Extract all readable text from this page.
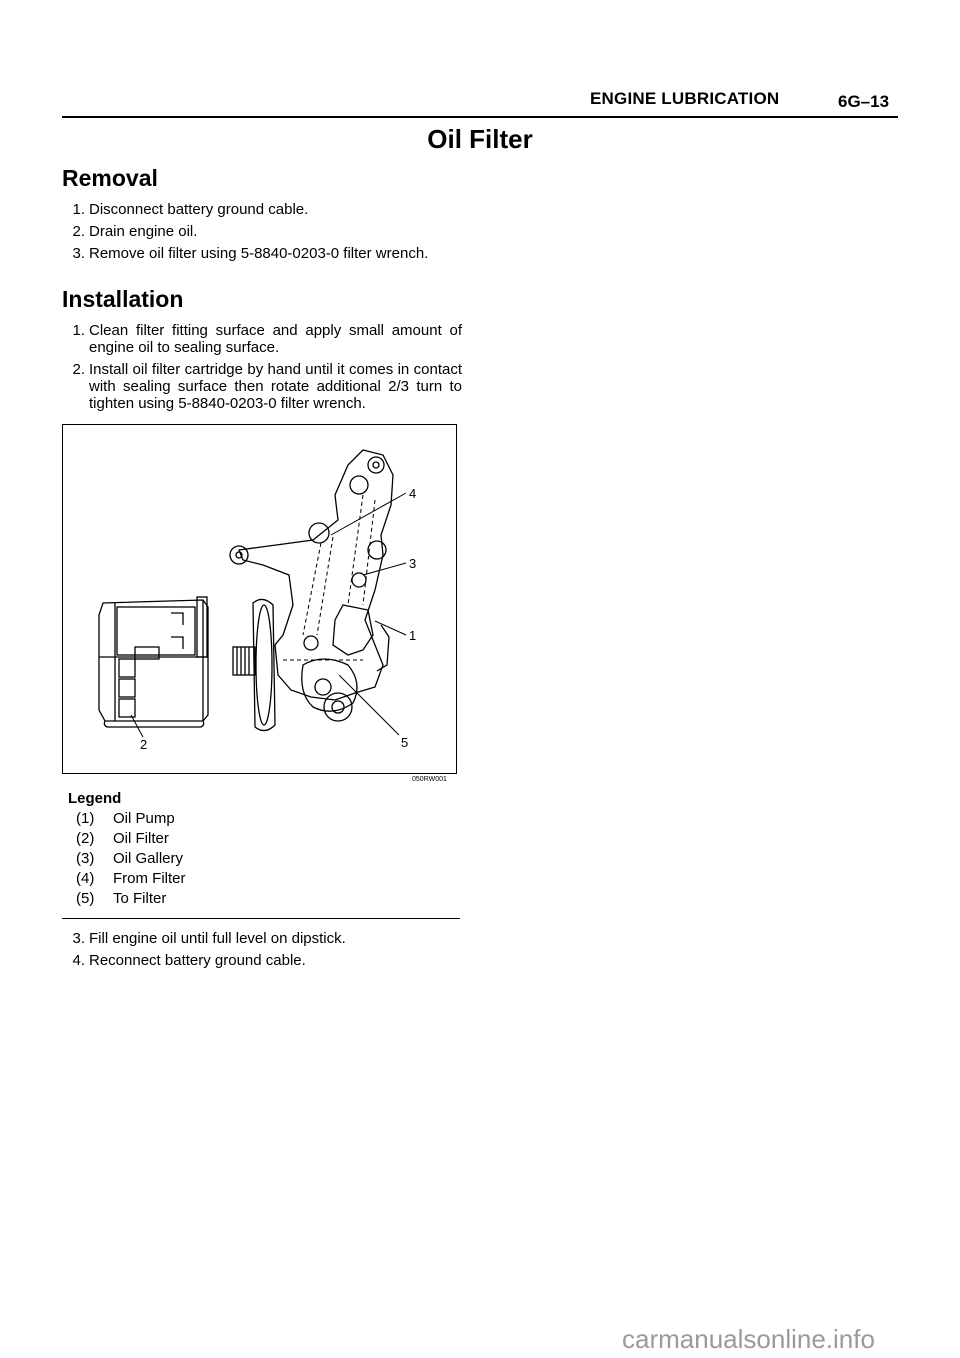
ENGINE LUBRICATION	6G–13
Oil Filter
Removal
1. Disconnect battery ground cable.
2. Drain engine oil.
3. Remove oil filter using 5-8840-0203-0 filter wrench.
Installation
1. Clean filter fitting surface and apply small amount of engine oil to sealing surface.
2. Install oil filter cartridge by hand until it comes in contact with sealing surface then rotate additional 2/3 turn to tighten using 5-8840-0203-0 filter wrench.
4
3
1
5
2
050RW001
Legend
(1)	Oil Pump
(2)	Oil Filter
(3)	Oil Gallery
(4)	From Filter
(5)	To Filter
3. Fill engine oil until full level on dipstick.
4. Reconnect battery ground cable.
carmanualsonline.info
